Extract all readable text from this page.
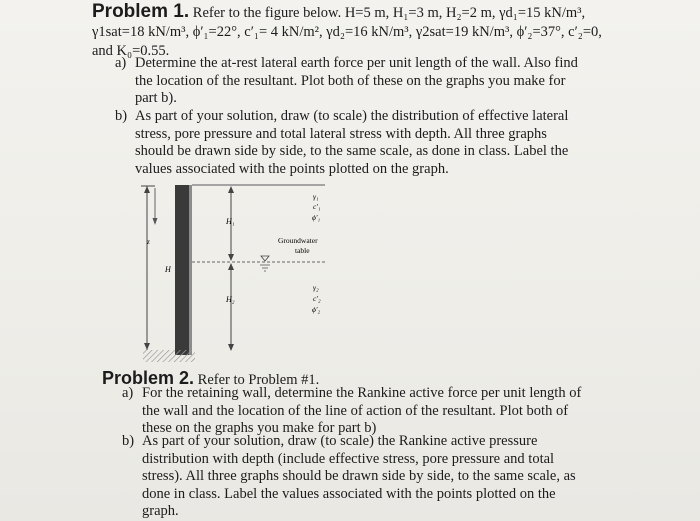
Problem 1. Refer to the figure below. H=5 m, H₁=3 m, H₂=2 m, γd₁=15 kN/m³,
γ1sat=18 kN/m³, ϕ′₁=22°, c′₁= 4 kN/m², γd₂=16 kN/m³, γ2sat=19 kN/m³, ϕ′₂=37°, c′₂=0,
and K₀=0.55.
a) Determine the at-rest lateral earth force per unit length of the wall. Also find
the location of the resultant. Plot both of these on the graphs you make for
part b).
b) As part of your solution, draw (to scale) the distribution of effective lateral
stress, pore pressure and total lateral stress with depth. All three graphs
should be drawn side by side, to the same scale, as done in class. Label the
values associated with the points plotted on the graph.
H
z
H₁
Groundwater
table
H₂
γ₁
c′₁
ϕ′₁
γ₂
c′₂
ϕ′₂
Problem 2. Refer to Problem #1.
a) For the retaining wall, determine the Rankine active force per unit length of
the wall and the location of the line of action of the resultant. Plot both of
these on the graphs you make for part b)
b) As part of your solution, draw (to scale) the Rankine active pressure
distribution with depth (include effective stress, pore pressure and total
stress). All three graphs should be drawn side by side, to the same scale, as
done in class. Label the values associated with the points plotted on the
graph.
